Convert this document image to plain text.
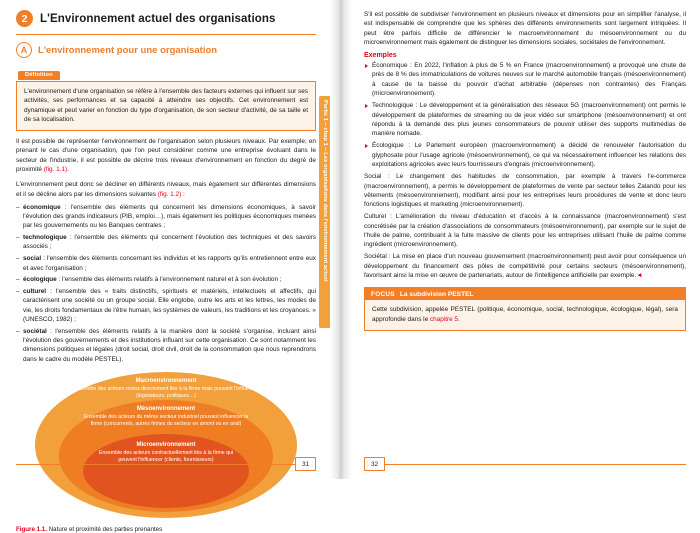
2	L'Environnement actuel des organisations
A	L'environnement pour une organisation
Définition
L'environnement d'une organisation se réfère à l'ensemble des facteurs externes qui influent sur ses activités, ses performances et sa capacité à atteindre ses objectifs. Cet environnement est dynamique et peut varier en fonction du type d'organisation, de son secteur d'activité, de sa taille et de sa localisation.

Il est possible de représenter l'environnement de l'organisation selon plusieurs niveaux. Par exemple, en prenant le cas d'une organisation, que l'on peut considérer comme une entreprise évoluant dans le secteur de l'industrie, il est possible de décrire trois niveaux d'environnement en fonction du degré de proximité (fig. 1.1).

L'environnement peut donc se décliner en différents niveaux, mais également sur différentes dimensions et il se décline alors par les dimensions suivantes (fig. 1.2) :

– économique : l'ensemble des éléments qui concernent les dimensions économiques, à savoir l'évolution des grands indicateurs (PIB, emploi…), mais également les politiques économiques menées par les gouvernements ou les Banques centrales ;
– technologique : l'ensemble des éléments qui concernent l'évolution des techniques et des savoirs associés ;
– social : l'ensemble des éléments concernant les individus et les rapports qu'ils entretiennent entre eux et avec l'organisation ;
– écologique : l'ensemble des éléments relatifs à l'environnement naturel et à son évolution ;
– culturel : l'ensemble des « traits distinctifs, spirituels et matériels, intellectuels et affectifs, qui caractérisent une société ou un groupe social. Elle englobe, outre les arts et les lettres, les modes de vie, les droits fondamentaux de l'être humain, les systèmes de valeurs, les traditions et les croyances. » (UNESCO, 1982) ;
– sociétal : l'ensemble des éléments relatifs à la manière dont la société s'organise, incluant ainsi l'évolution des gouvernements et des institutions influant sur cette organisation. Ce sont notamment les dimensions politiques et légales (droit social, droit civil, droit de la consommation que nous reprendrons dans le cadre du modèle PESTEL).
Macroenvironnement
Ensemble des acteurs moins directement liés à la firme mais pouvant l'influencer (législateurs, politiques…)
Mésoenvironnement
Ensemble des acteurs du même secteur industriel pouvant influencer la firme (concurrents, autres firmes du secteur en amont ou en aval)
Microenvironnement
Ensemble des acteurs contractuellement liés à la firme qui peuvent l'influencer (clients, fournisseurs)
Figure 1.1. Nature et proximité des parties prenantes
Partie 1 – chap 1 – Les organisations dans l'environnement actuel
31

S'il est possible de subdiviser l'environnement en plusieurs niveaux et dimensions pour en simplifier l'analyse, il est indispensable de comprendre que les sphères des différents environnements sont largement intriquées. Il peut être parfois difficile de différencier le macroenvironnement du mésoenvironnement ou du microenvironnement mais également de distinguer les dimensions sociales, sociétales de l'environnement.

Exemples
Économique : En 2022, l'inflation à plus de 5 % en France (macroenvironnement) a provoqué une chute de près de 8 % des immatriculations de voitures neuves sur le marché automobile français (mésoenvironnement) à cause de la baisse du pouvoir d'achat arbitrable (dépenses non contraintes) des Français (microenvironnement).
Technologique : Le développement et la généralisation des réseaux 5G (macroenvironnement) ont permis le développement de plateformes de streaming ou de jeux vidéo sur smartphone (mésoenvironnement) et ont répondu à la demande des plus jeunes consommateurs de pouvoir utiliser des supports multimédias de manière nomade.
Écologique : Le Parlement européen (macroenvironnement) a décidé de renouveler l'autorisation du glyphosate pour l'usage agricole (mésoenvironnement), ce qui va nécessairement influencer les relations des exploitations agricoles avec leurs fournisseurs d'engrais (microenvironnement).
Social : Le changement des habitudes de consommation, par exemple à travers l'e-commerce (macroenvironnement), a permis le développement de plateformes de vente par secteur telles Zalando pour les vêtements (mésoenvironnement), modifiant ainsi pour les entreprises leurs procédures de vente et donc leurs fonctions logistiques et marketing (microenvironnement).
Culturel : L'amélioration du niveau d'éducation et d'accès à la connaissance (macroenvironnement) s'est concrétisée par la création d'associations de consommateurs (mésoenvironnement), par exemple sur le sujet de l'huile de palme, contribuant à la fuite massive de clients pour les entreprises utilisant l'huile de palme comme ingrédient (microenvironnement).
Sociétal : La mise en place d'un nouveau gouvernement (macroenvironnement) peut avoir pour conséquence un développement du financement des pôles de compétitivité pour certains secteurs (mésoenvironnement), favorisant ainsi la mise en œuvre de partenariats, autour de l'intelligence artificielle par exemple.◄
FOCUS La subdivision PESTEL
Cette subdivision, appelée PESTEL (politique, économique, social, technologique, écologique, légal), sera approfondie dans le chapitre 5.
32
